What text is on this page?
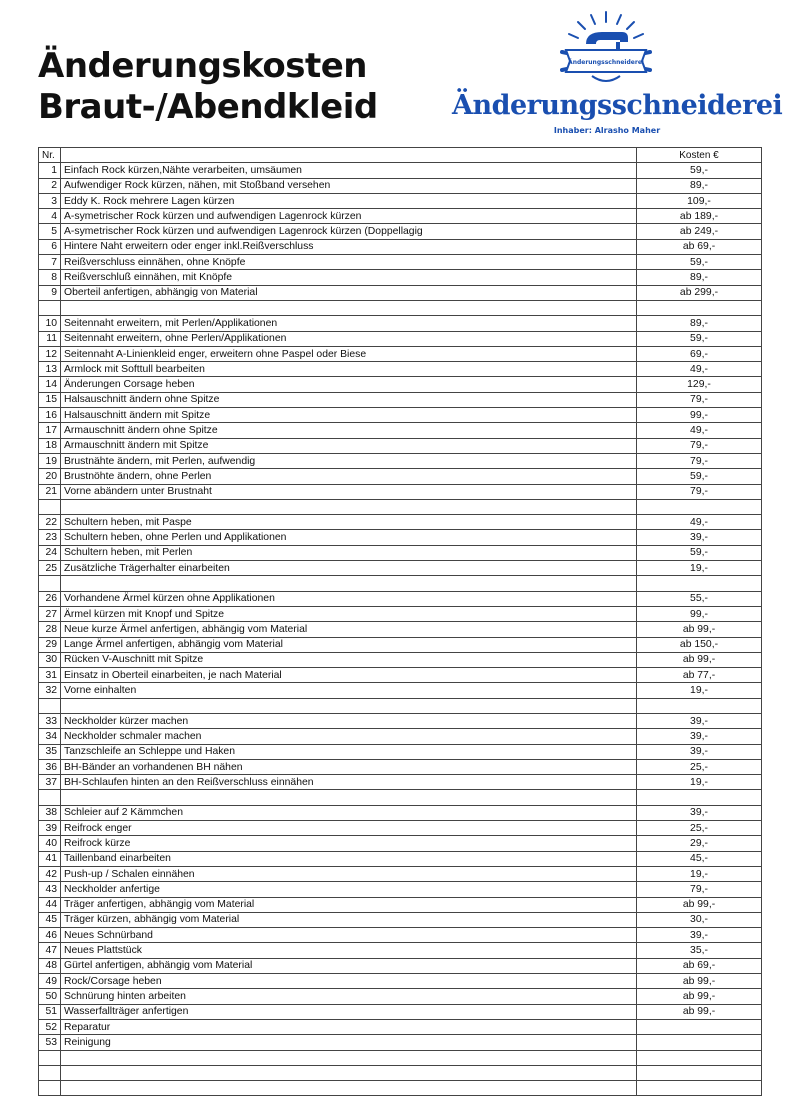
Änderungskosten
Braut-/Abendkleid
Änderungsschneiderei
Änderungsschneiderei
Inhaber: Alrasho Maher
Nr.		Kosten €
1	Einfach Rock kürzen,Nähte verarbeiten, umsäumen	59,-
2	Aufwendiger Rock kürzen, nähen, mit Stoßband versehen	89,-
3	Eddy K. Rock mehrere Lagen kürzen	109,-
4	A-symetrischer Rock kürzen und aufwendigen Lagenrock kürzen	ab 189,-
5	A-symetrischer Rock kürzen und aufwendigen Lagenrock kürzen (Doppellagig	ab 249,-
6	Hintere Naht erweitern oder enger inkl.Reißverschluss	ab 69,-
7	Reißverschluss einnähen, ohne Knöpfe	59,-
8	Reißverschluß einnähen, mit Knöpfe	89,-
9	Oberteil anfertigen, abhängig von Material	ab 299,-

10	Seitennaht erweitern, mit Perlen/Applikationen	89,-
11	Seitennaht erweitern, ohne Perlen/Applikationen	59,-
12	Seitennaht A-Linienkleid enger, erweitern ohne Paspel oder Biese	69,-
13	Armlock mit Softtull bearbeiten	49,-
14	Änderungen Corsage heben	129,-
15	Halsauschnitt ändern ohne Spitze	79,-
16	Halsauschnitt ändern mit Spitze	99,-
17	Armauschnitt ändern ohne Spitze	49,-
18	Armauschnitt ändern mit Spitze	79,-
19	Brustnähte ändern, mit Perlen, aufwendig	79,-
20	Brustnöhte ändern, ohne Perlen	59,-
21	Vorne abändern unter Brustnaht	79,-

22	Schultern heben, mit Paspe	49,-
23	Schultern heben, ohne Perlen und Applikationen	39,-
24	Schultern heben, mit Perlen	59,-
25	Zusätzliche Trägerhalter einarbeiten	19,-

26	Vorhandene Ärmel kürzen ohne Applikationen	55,-
27	Ärmel kürzen mit Knopf und Spitze	99,-
28	Neue kurze Ärmel anfertigen, abhängig vom Material	ab 99,-
29	Lange Ärmel anfertigen, abhängig vom Material	ab 150,-
30	Rücken V-Auschnitt mit Spitze	ab 99,-
31	Einsatz in Oberteil einarbeiten, je nach Material	ab 77,-
32	Vorne einhalten	19,-

33	Neckholder kürzer machen	39,-
34	Neckholder schmaler machen	39,-
35	Tanzschleife an Schleppe und Haken	39,-
36	BH-Bänder an vorhandenen BH nähen	25,-
37	BH-Schlaufen hinten an den Reißverschluss einnähen	19,-

38	Schleier auf 2 Kämmchen	39,-
39	Reifrock enger	25,-
40	Reifrock kürze	29,-
41	Taillenband einarbeiten	45,-
42	Push-up / Schalen einnähen	19,-
43	Neckholder anfertige	79,-
44	Träger anfertigen, abhängig vom Material	ab 99,-
45	Träger kürzen, abhängig vom Material	30,-
46	Neues Schnürband	39,-
47	Neues Plattstück	35,-
48	Gürtel anfertigen, abhängig vom Material	ab 69,-
49	Rock/Corsage heben	ab 99,-
50	Schnürung hinten arbeiten	ab 99,-
51	Wasserfallträger anfertigen	ab 99,-
52	Reparatur	
53	Reinigung	
